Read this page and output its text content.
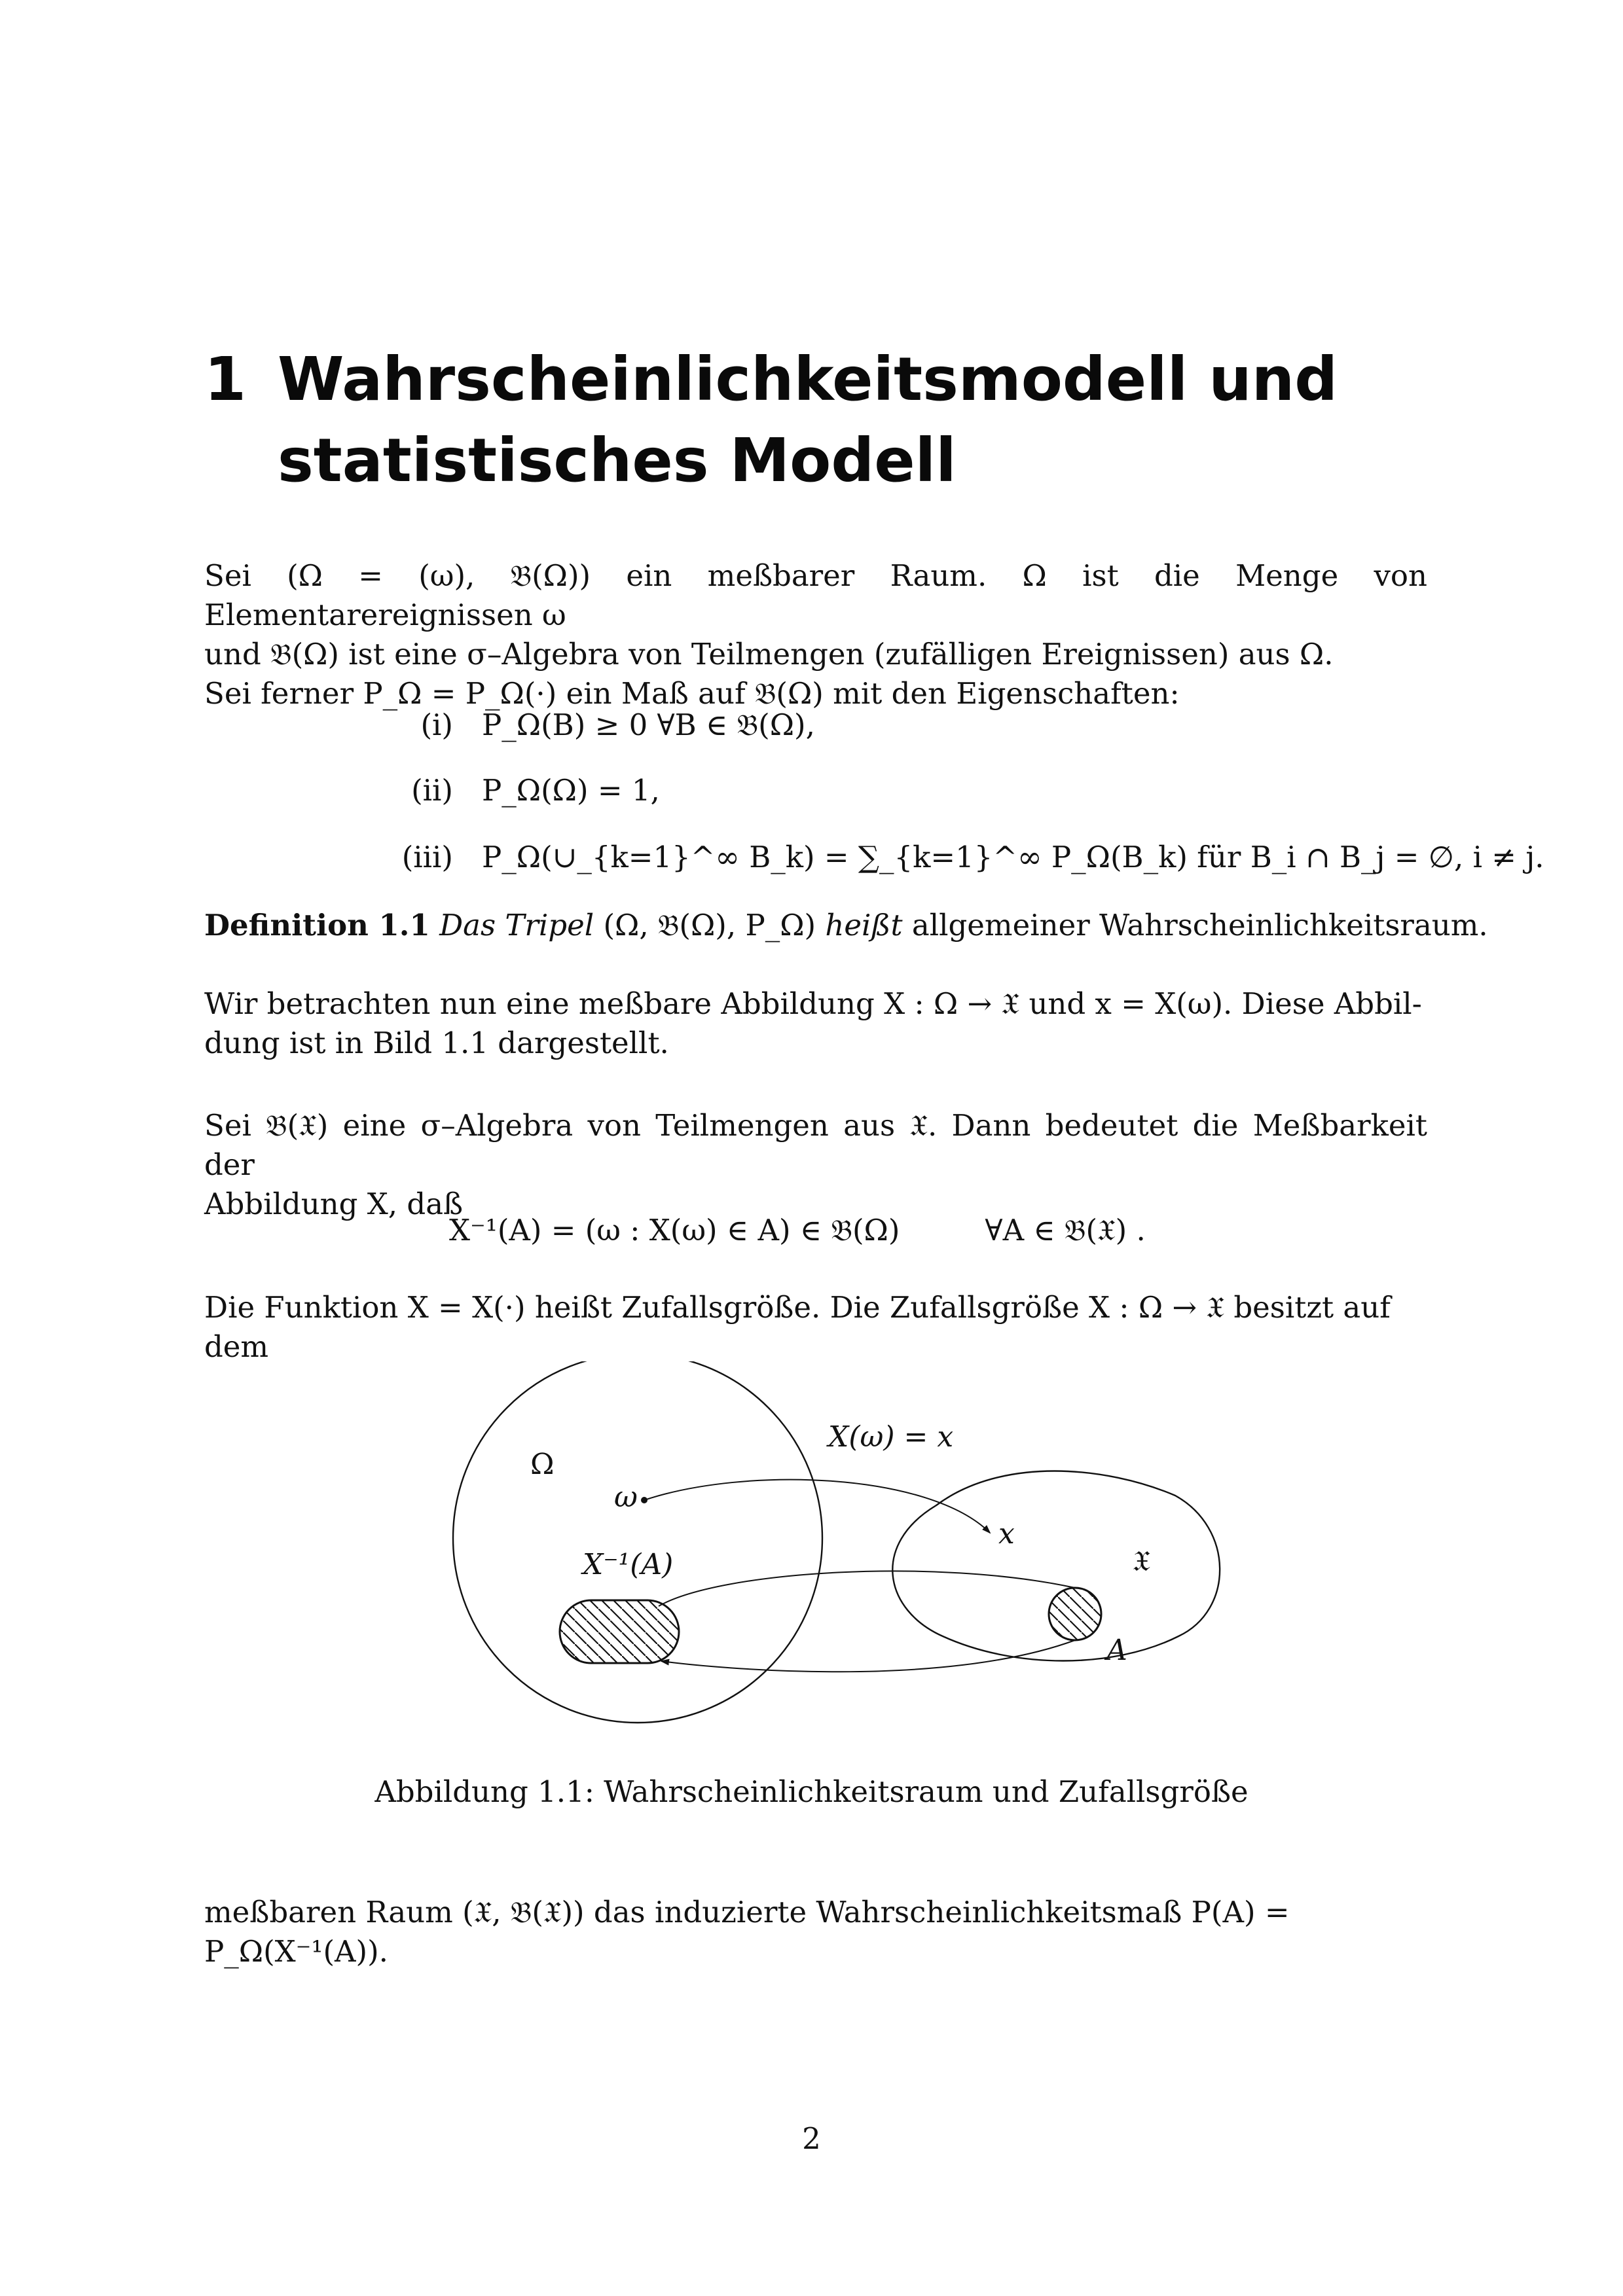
1 Wahrscheinlichkeitsmodell und
statistisches Modell

Sei (Ω = (ω), 𝔅(Ω)) ein meßbarer Raum. Ω ist die Menge von Elementarereignissen ω

und 𝔅(Ω) ist eine σ–Algebra von Teilmengen (zufälligen Ereignissen) aus Ω.

Sei ferner P_Ω = P_Ω(·) ein Maß auf 𝔅(Ω) mit den Eigenschaften:

(i) P_Ω(B) ≥ 0 ∀B ∈ 𝔅(Ω),
(ii) P_Ω(Ω) = 1,
(iii) P_Ω(∪_{k=1}^∞ B_k) = ∑_{k=1}^∞ P_Ω(B_k) für B_i ∩ B_j = ∅, i ≠ j.
Definition 1.1 Das Tripel (Ω, 𝔅(Ω), P_Ω) heißt allgemeiner Wahrscheinlichkeitsraum.

Wir betrachten nun eine meßbare Abbildung X : Ω → 𝔛 und x = X(ω). Diese Abbil-

dung ist in Bild 1.1 dargestellt.

Sei 𝔅(𝔛) eine σ–Algebra von Teilmengen aus 𝔛. Dann bedeutet die Meßbarkeit der

Abbildung X, daß

X⁻¹(A) = (ω : X(ω) ∈ A) ∈ 𝔅(Ω)	∀A ∈ 𝔅(𝔛) .

Die Funktion X = X(·) heißt Zufallsgröße. Die Zufallsgröße X : Ω → 𝔛 besitzt auf dem

Ω
ω
X(ω) = x
x
𝔛
X⁻¹(A)
A
Abbildung 1.1: Wahrscheinlichkeitsraum und Zufallsgröße

meßbaren Raum (𝔛, 𝔅(𝔛)) das induzierte Wahrscheinlichkeitsmaß P(A) = P_Ω(X⁻¹(A)).

2
